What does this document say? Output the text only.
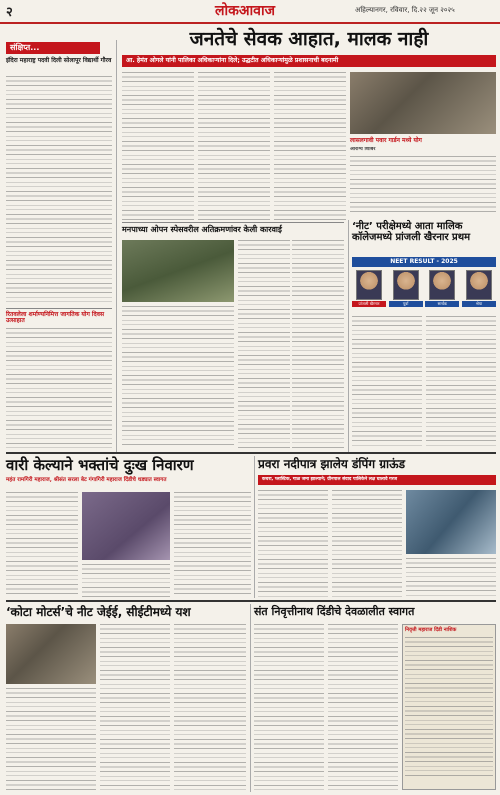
२	लोकआवाज	अहिल्यानगर, रविवार, दि.२२ जून २०२५
संक्षिप्त...
इंदिरा महाराष्ट्र पदवी दिली सोलापूर विद्यार्थी गौरव
रितवलेला शर्माण्यनिमित्त जागतिक योग दिवस उत्साहात
जनतेचे सेवक आहात, मालक नाही
आ. हेमंत ओगले यांनी पालिका अधिकाऱ्यांना दिले; उद्धटीत अधिकाऱ्यांमुळे प्रशासनाची बदनामी
लासलगावी पवार गार्डन मध्ये योग
आरोग्य शिबिर
मनपाच्या ओपन स्पेसवरील अतिक्रमणांवर केली कारवाई	‘नीट’ परीक्षेमध्ये आता मालिक कॉलेजमध्ये प्रांजली खैरनार प्रथम
NEET RESULT - 2025
प्रांजली खैरनार	पूर्वा	सार्थक	श्रेया
वारी केल्याने भक्तांचे दुःख निवारण
महंत रामगिरी महाराज, श्रीसंत सरला बेट गंगागिरी महाराज दिंडीचे धड्यात स्वागत
प्रवरा नदीपात्र झालेय डंपिंग ग्राऊंड
कचरा, प्लास्टिक, गाळ जमा झाल्याने; ग्रीनपाल संवाद पालिकेने लक्ष घालावे गरज
‘कोटा मोटर्स’चे नीट जेईई, सीईटीमध्ये यश	संत निवृत्तीनाथ दिंडीचे देवळालीत स्वागत
निवृत्ती महाराज दिंडी नाशिक
